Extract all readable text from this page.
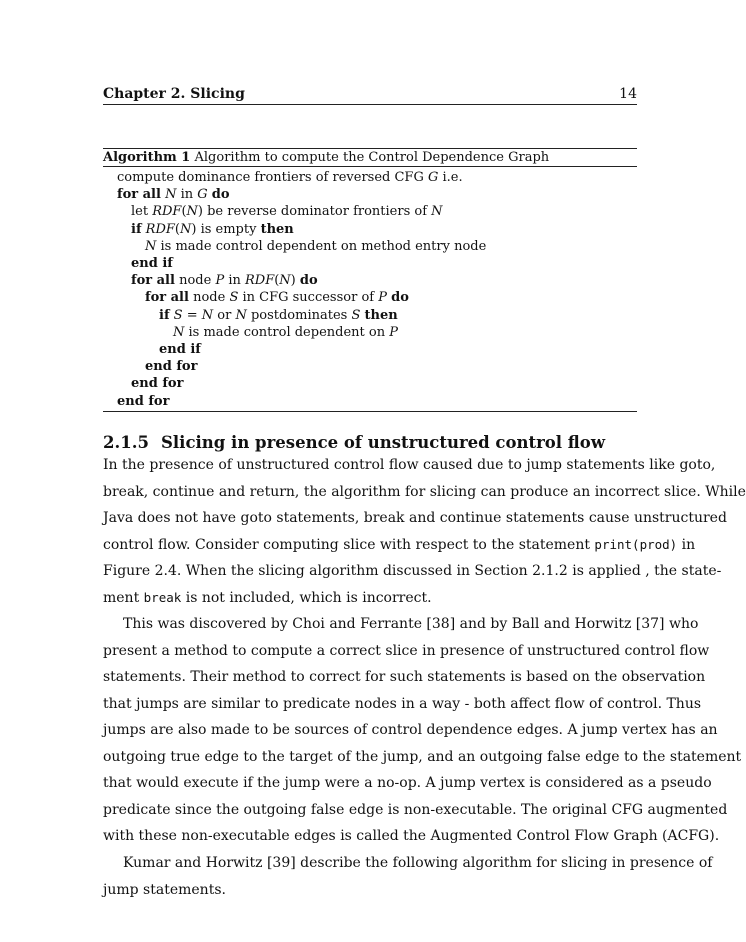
Chapter 2. Slicing	14
Algorithm 1 Algorithm to compute the Control Dependence Graph
compute dominance frontiers of reversed CFG G i.e.
for all N in G do
let RDF(N) be reverse dominator frontiers of N
if RDF(N) is empty then
N is made control dependent on method entry node
end if
for all node P in RDF(N) do
for all node S in CFG successor of P do
if S = N or N postdominates S then
N is made control dependent on P
end if
end for
end for
end for
2.1.5 Slicing in presence of unstructured control flow
In the presence of unstructured control flow caused due to jump statements like goto,
break, continue and return, the algorithm for slicing can produce an incorrect slice. While
Java does not have goto statements, break and continue statements cause unstructured
control flow. Consider computing slice with respect to the statement print(prod) in
Figure 2.4. When the slicing algorithm discussed in Section 2.1.2 is applied , the state-
ment break is not included, which is incorrect.
This was discovered by Choi and Ferrante [38] and by Ball and Horwitz [37] who
present a method to compute a correct slice in presence of unstructured control flow
statements. Their method to correct for such statements is based on the observation
that jumps are similar to predicate nodes in a way - both affect flow of control. Thus
jumps are also made to be sources of control dependence edges. A jump vertex has an
outgoing true edge to the target of the jump, and an outgoing false edge to the statement
that would execute if the jump were a no-op. A jump vertex is considered as a pseudo
predicate since the outgoing false edge is non-executable. The original CFG augmented
with these non-executable edges is called the Augmented Control Flow Graph (ACFG).
Kumar and Horwitz [39] describe the following algorithm for slicing in presence of
jump statements.
